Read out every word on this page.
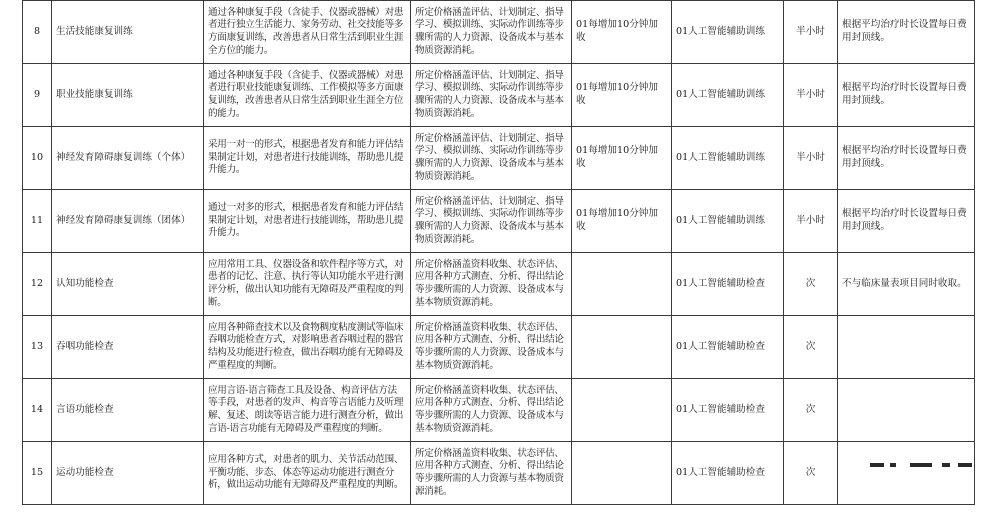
8	生活技能康复训练	通过各种康复手段（含徒手、仪器或器械）对患者进行独立生活能力、家务劳动、社交技能等多方面康复训练，改善患者从日常生活到职业生涯全方位的能力。	所定价格涵盖评估、计划制定、指导学习、模拟训练、实际动作训练等步骤所需的人力资源、设备成本与基本物质资源消耗。	01每增加10分钟加收	01人工智能辅助训练	半小时	根据平均治疗时长设置每日费用封顶线。
9	职业技能康复训练	通过各种康复手段（含徒手、仪器或器械）对患者进行职业技能康复训练、工作模拟等多方面康复训练，改善患者从日常生活到职业生涯全方位的能力。	所定价格涵盖评估、计划制定、指导学习、模拟训练、实际动作训练等步骤所需的人力资源、设备成本与基本物质资源消耗。	01每增加10分钟加收	01人工智能辅助训练	半小时	根据平均治疗时长设置每日费用封顶线。
10	神经发育障碍康复训练（个体）	采用一对一的形式，根据患者发育和能力评估结果制定计划，对患者进行技能训练，帮助患儿提升能力。	所定价格涵盖评估、计划制定、指导学习、模拟训练、实际动作训练等步骤所需的人力资源、设备成本与基本物质资源消耗。	01每增加10分钟加收	01人工智能辅助训练	半小时	根据平均治疗时长设置每日费用封顶线。
11	神经发育障碍康复训练（团体）	通过一对多的形式，根据患者发育和能力评估结果制定计划，对患者进行技能训练，帮助患儿提升能力。	所定价格涵盖评估、计划制定、指导学习、模拟训练、实际动作训练等步骤所需的人力资源、设备成本与基本物质资源消耗。	01每增加10分钟加收	01人工智能辅助训练	半小时	根据平均治疗时长设置每日费用封顶线。
12	认知功能检查	应用常用工具、仪器设备和软件程序等方式，对患者的记忆、注意、执行等认知功能水平进行测评分析，做出认知功能有无障碍及严重程度的判断。	所定价格涵盖资料收集、状态评估、应用各种方式测查、分析、得出结论等步骤所需的人力资源、设备成本与基本物质资源消耗。		01人工智能辅助检查	次	不与临床量表项目同时收取。
13	吞咽功能检查	应用各种筛查技术以及食物稠度粘度测试等临床吞咽功能检查方式，对影响患者吞咽过程的器官结构及功能进行检查，做出吞咽功能有无障碍及严重程度的判断。	所定价格涵盖资料收集、状态评估、应用各种方式测查、分析、得出结论等步骤所需的人力资源、设备成本与基本物质资源消耗。		01人工智能辅助检查	次	
14	言语功能检查	应用言语-语言筛查工具及设备、构音评估方法等手段，对患者的发声、构音等言语能力及听理解、复述、朗读等语言能力进行测查分析，做出言语-语言功能有无障碍及严重程度的判断。	所定价格涵盖资料收集、状态评估、应用各种方式测查、分析、得出结论等步骤所需的人力资源、设备成本与基本物质资源消耗。		01人工智能辅助检查	次	
15	运动功能检查	应用各种方式，对患者的肌力、关节活动范围、平衡功能、步态、体态等运动功能进行测查分析，做出运动功能有无障碍及严重程度的判断。	所定价格涵盖资料收集、状态评估、应用各种方式测查、分析、得出结论等步骤所需的人力资源与基本物质资源消耗。		01人工智能辅助检查	次	
